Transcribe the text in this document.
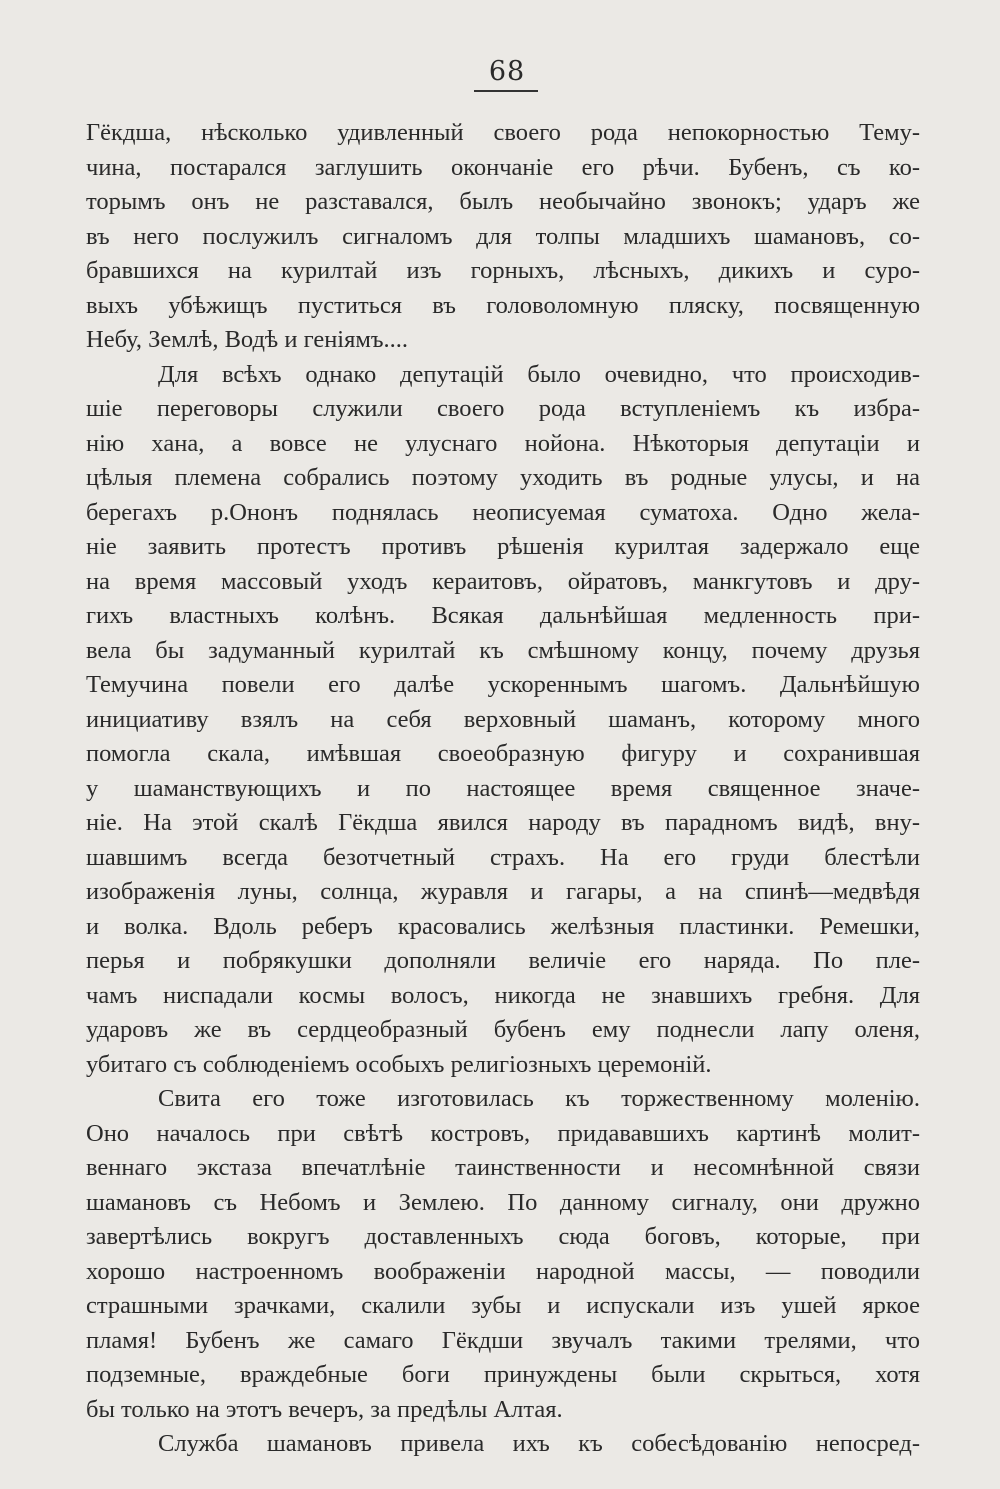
68
Гёкдша, нѣсколько удивленный своего рода непокорностью Тему-
чина, постарался заглушить окончаніе его рѣчи. Бубенъ, съ ко-
торымъ онъ не разставался, былъ необычайно звонокъ; ударъ же
въ него послужилъ сигналомъ для толпы младшихъ шамановъ, со-
бравшихся на курилтай изъ горныхъ, лѣсныхъ, дикихъ и суро-
выхъ убѣжищъ пуститься въ головоломную пляску, посвященную
Небу, Землѣ, Водѣ и геніямъ....
Для всѣхъ однако депутацій было очевидно, что происходив-
шіе переговоры служили своего рода вступленіемъ къ избра-
нію хана, а вовсе не улуснаго нойона. Нѣкоторыя депутаціи и
цѣлыя племена собрались поэтому уходить въ родные улусы, и на
берегахъ р.Ононъ поднялась неописуемая суматоха. Одно жела-
ніе заявить протестъ противъ рѣшенія курилтая задержало еще
на время массовый уходъ кераитовъ, ойратовъ, манкгутовъ и дру-
гихъ властныхъ колѣнъ. Всякая дальнѣйшая медленность при-
вела бы задуманный курилтай къ смѣшному концу, почему друзья
Темучина повели его далѣе ускореннымъ шагомъ. Дальнѣйшую
инициативу взялъ на себя верховный шаманъ, которому много
помогла скала, имѣвшая своеобразную фигуру и сохранившая
у шаманствующихъ и по настоящее время священное значе-
ніе. На этой скалѣ Гёкдша явился народу въ парадномъ видѣ, вну-
шавшимъ всегда безотчетный страхъ. На его груди блестѣли
изображенія луны, солнца, журавля и гагары, а на спинѣ—медвѣдя
и волка. Вдоль реберъ красовались желѣзныя пластинки. Ремешки,
перья и побрякушки дополняли величіе его наряда. По пле-
чамъ ниспадали космы волосъ, никогда не знавшихъ гребня. Для
ударовъ же въ сердцеобразный бубенъ ему поднесли лапу оленя,
убитаго съ соблюденіемъ особыхъ религіозныхъ церемоній.
Свита его тоже изготовилась къ торжественному моленію.
Оно началось при свѣтѣ костровъ, придававшихъ картинѣ молит-
веннаго экстаза впечатлѣніе таинственности и несомнѣнной связи
шамановъ съ Небомъ и Землею. По данному сигналу, они дружно
завертѣлись вокругъ доставленныхъ сюда боговъ, которые, при
хорошо настроенномъ воображеніи народной массы, — поводили
страшными зрачками, скалили зубы и испускали изъ ушей яркое
пламя! Бубенъ же самаго Гёкдши звучалъ такими трелями, что
подземные, враждебные боги принуждены были скрыться, хотя
бы только на этотъ вечеръ, за предѣлы Алтая.
Служба шамановъ привела ихъ къ собесѣдованію непосред-
